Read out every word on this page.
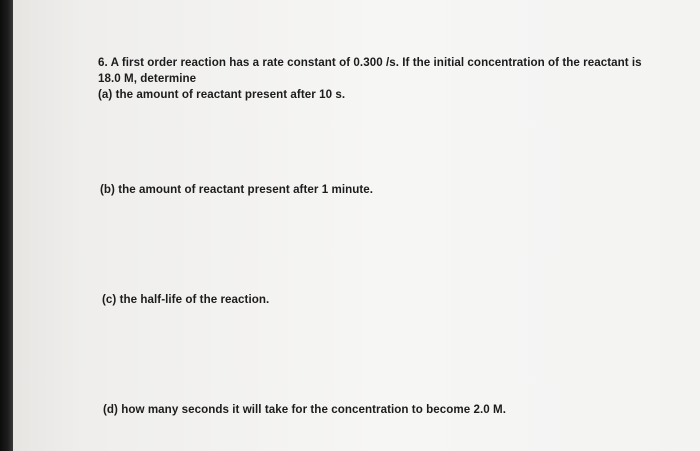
6. A first order reaction has a rate constant of 0.300 /s. If the initial concentration of the reactant is
18.0 M, determine
(a) the amount of reactant present after 10 s.
(b) the amount of reactant present after 1 minute.
(c) the half-life of the reaction.
(d) how many seconds it will take for the concentration to become 2.0 M.
